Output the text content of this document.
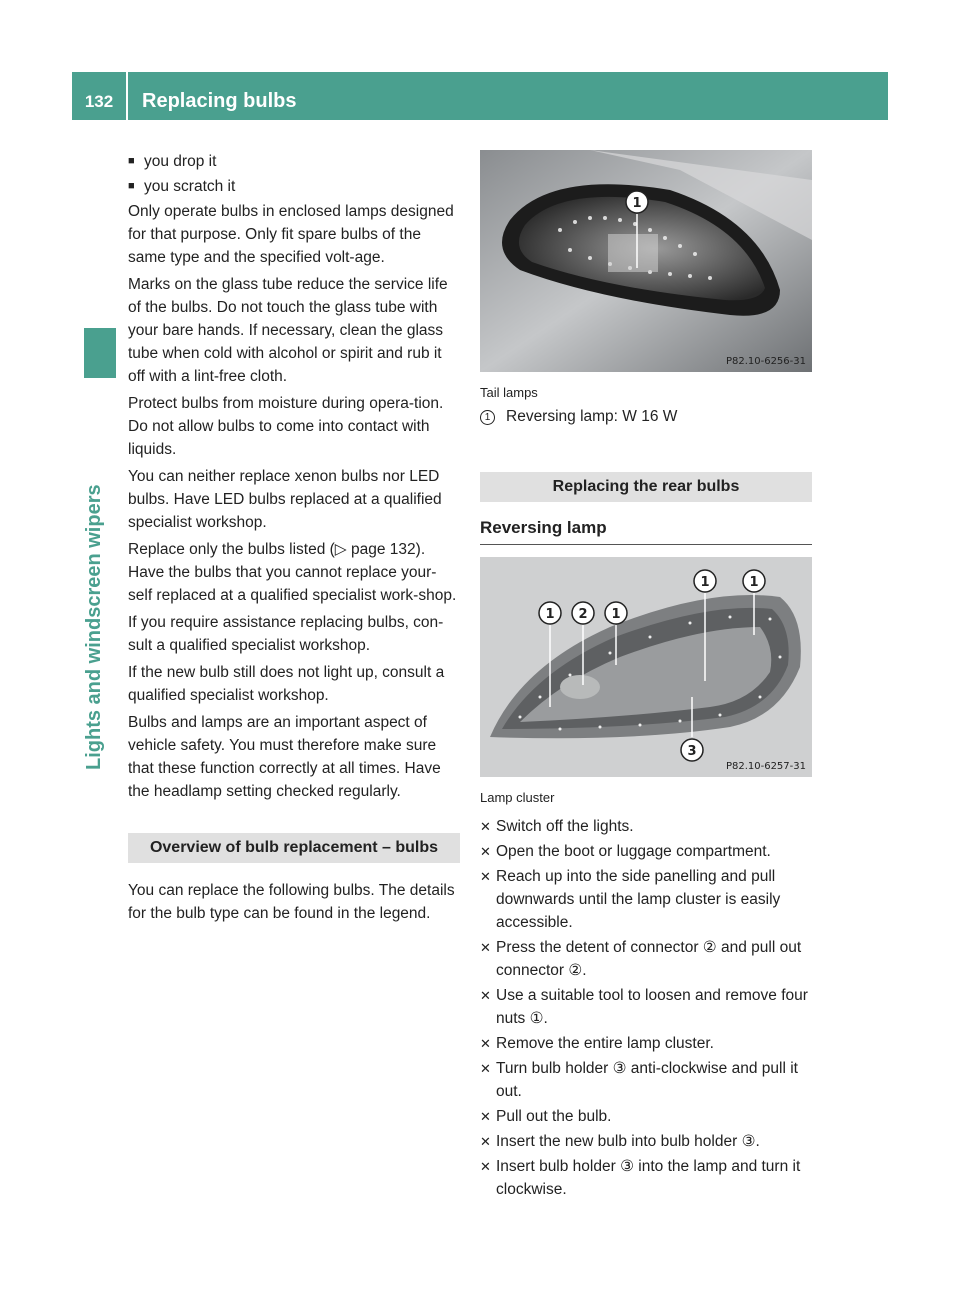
132	Replacing bulbs
Lights and windscreen wipers
■ you drop it
■ you scratch it

Only operate bulbs in enclosed lamps designed for that purpose. Only fit spare bulbs of the same type and the specified volt-age.

Marks on the glass tube reduce the service life of the bulbs. Do not touch the glass tube with your bare hands. If necessary, clean the glass tube when cold with alcohol or spirit and rub it off with a lint-free cloth.

Protect bulbs from moisture during opera-tion. Do not allow bulbs to come into contact with liquids.

You can neither replace xenon bulbs nor LED bulbs. Have LED bulbs replaced at a qualified specialist workshop.

Replace only the bulbs listed (▷ page 132). Have the bulbs that you cannot replace your-self replaced at a qualified specialist work-shop.

If you require assistance replacing bulbs, con-sult a qualified specialist workshop.

If the new bulb still does not light up, consult a qualified specialist workshop.

Bulbs and lamps are an important aspect of vehicle safety. You must therefore make sure that these function correctly at all times. Have the headlamp setting checked regularly.

Overview of bulb replacement – bulbs

You can replace the following bulbs. The details for the bulb type can be found in the legend.

1
P82.10-6256-31
Tail lamps
1	Reversing lamp: W 16 W
Replacing the rear bulbs
Reversing lamp
1 2 1
1	1
3
P82.10-6257-31
Lamp cluster
✕ Switch off the lights.
✕ Open the boot or luggage compartment.
✕ Reach up into the side panelling and pull downwards until the lamp cluster is easily accessible.
✕ Press the detent of connector ② and pull out connector ②.
✕ Use a suitable tool to loosen and remove four nuts ①.
✕ Remove the entire lamp cluster.
✕ Turn bulb holder ③ anti-clockwise and pull it out.
✕ Pull out the bulb.
✕ Insert the new bulb into bulb holder ③.
✕ Insert bulb holder ③ into the lamp and turn it clockwise.
